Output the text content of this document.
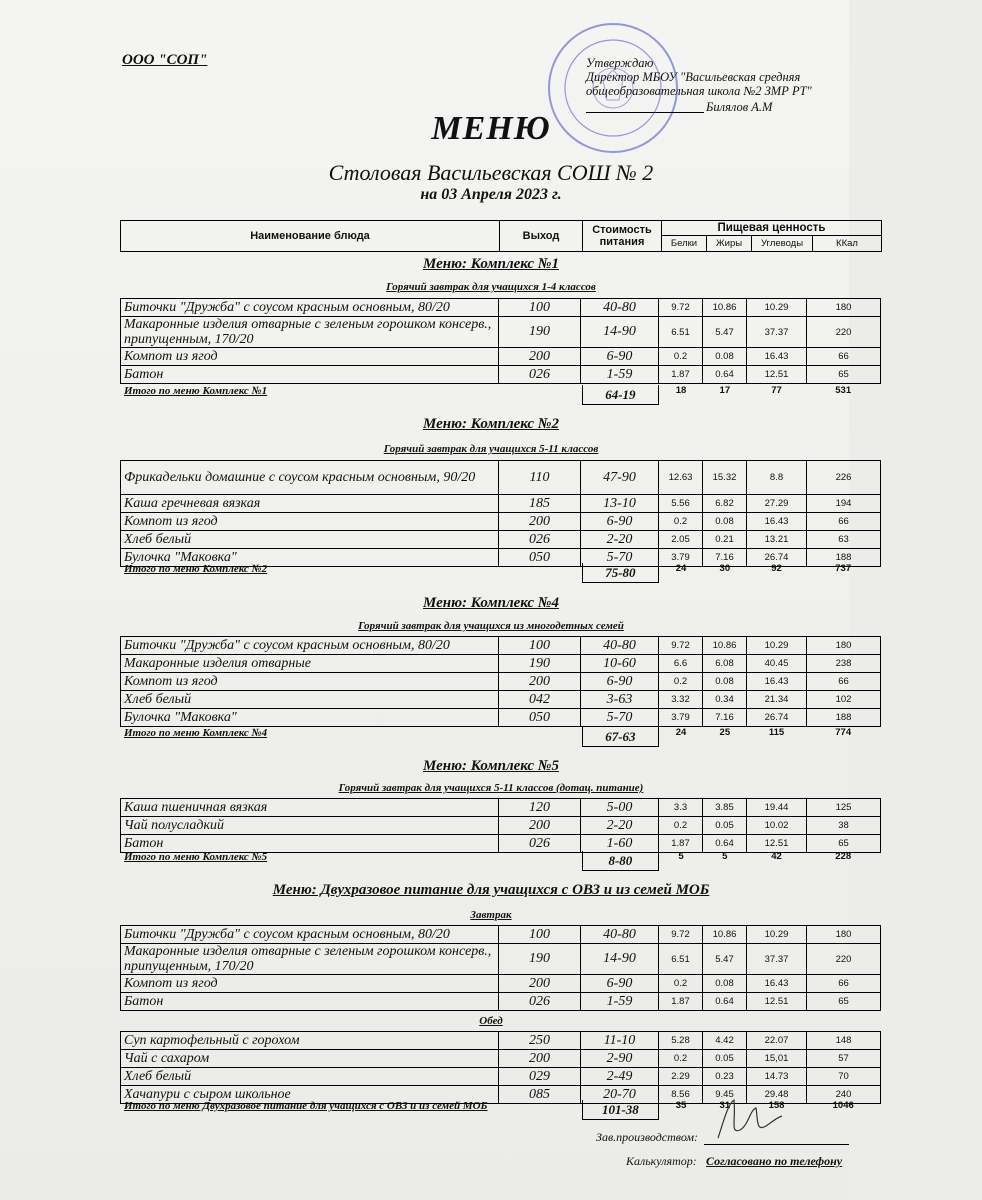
ООО "СОП"	Утверждаю
Директор МБОУ "Васильевская средняя
общеобразовательная школа №2 ЗМР РТ"
Билялов А.М
МЕНЮ
Столовая Васильевская СОШ № 2
на 03 Апреля 2023 г.
Наименование блюда	Выход	Стоимость
питания
Пищевая ценность
Белки	Жиры	Углеводы	ККал
Меню: Комплекс №1
Горячий завтрак для учащихся 1-4 классов
Биточки "Дружба" с соусом красным основным, 80/20	100	40-80	9.72	10.86	10.29	180
Макаронные изделия отварные с зеленым горошком консерв., припущенным, 170/20
190	14-90	6.51	5.47	37.37	220
Компот из ягод	200	6-90	0.2	0.08	16.43	66
Батон	026	1-59	1.87	0.64	12.51	65
Итого по меню Комплекс №1	64-19	18	17	77	531
Меню: Комплекс №2
Горячий завтрак для учащихся 5-11 классов
Фрикадельки домашние с соусом красным основным, 90/20	110	47-90	12.63	15.32	8.8	226
Каша гречневая вязкая	185	13-10	5.56	6.82	27.29	194
Компот из ягод	200	6-90	0.2	0.08	16.43	66
Хлеб белый	026	2-20	2.05	0.21	13.21	63
Булочка "Маковка"	050	5-70	3.79	7.16	26.74	188
Итого по меню Комплекс №2	75-80	24	30	92	737
Меню: Комплекс №4
Горячий завтрак для учащихся из многодетных семей
Биточки "Дружба" с соусом красным основным, 80/20	100	40-80	9.72	10.86	10.29	180
Макаронные изделия отварные	190	10-60	6.6	6.08	40.45	238
Компот из ягод	200	6-90	0.2	0.08	16.43	66
Хлеб белый	042	3-63	3.32	0.34	21.34	102
Булочка "Маковка"	050	5-70	3.79	7.16	26.74	188
Итого по меню Комплекс №4	67-63	24	25	115	774
Меню: Комплекс №5
Горячий завтрак для учащихся 5-11 классов (дотац. питание)
Каша пшеничная вязкая	120	5-00	3.3	3.85	19.44	125
Чай полусладкий	200	2-20	0.2	0.05	10.02	38
Батон	026	1-60	1.87	0.64	12.51	65
Итого по меню Комплекс №5	8-80	5	5	42	228
Меню: Двухразовое питание для учащихся с ОВЗ и из семей МОБ
Завтрак
Биточки "Дружба" с соусом красным основным, 80/20	100	40-80	9.72	10.86	10.29	180
Макаронные изделия отварные с зеленым горошком консерв., припущенным, 170/20
190	14-90	6.51	5.47	37.37	220
Компот из ягод	200	6-90	0.2	0.08	16.43	66
Батон	026	1-59	1.87	0.64	12.51	65
Обед
Суп картофельный с горохом	250	11-10	5.28	4.42	22.07	148
Чай с сахаром	200	2-90	0.2	0.05	15,01	57
Хлеб белый	029	2-49	2.29	0.23	14.73	70
Хачапури с сыром школьное	085	20-70	8.56	9.45	29.48	240
Итого по меню Двухразовое питание для учащихся с ОВЗ и из семей МОБ	101-38	35	31	158	1046
Зав.производством:
Калькулятор: Согласовано по телефону
